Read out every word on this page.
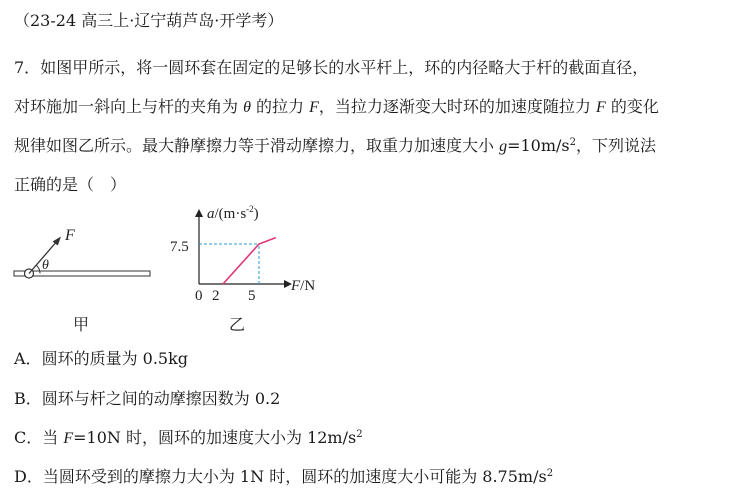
（23-24 高三上·辽宁葫芦岛·开学考）
7．如图甲所示，将一圆环套在固定的足够长的水平杆上，环的内径略大于杆的截面直径，
对环施加一斜向上与杆的夹角为 θ 的拉力 F，当拉力逐渐变大时环的加速度随拉力 F 的变化
规律如图乙所示。最大静摩擦力等于滑动摩擦力，取重力加速度大小 $g=10m/s^2$，下列说法
正确的是（　）
F
θ
$a/(m\cdot s^{-2})$
F/N
0 2 5
7.5
甲	乙
A．圆环的质量为 0.5kg
B．圆环与杆之间的动摩擦因数为 0.2
C．当 F=10N 时，圆环的加速度大小为 $12m/s^2$
D．当圆环受到的摩擦力大小为 1N 时，圆环的加速度大小可能为 $8.75m/s^2$
